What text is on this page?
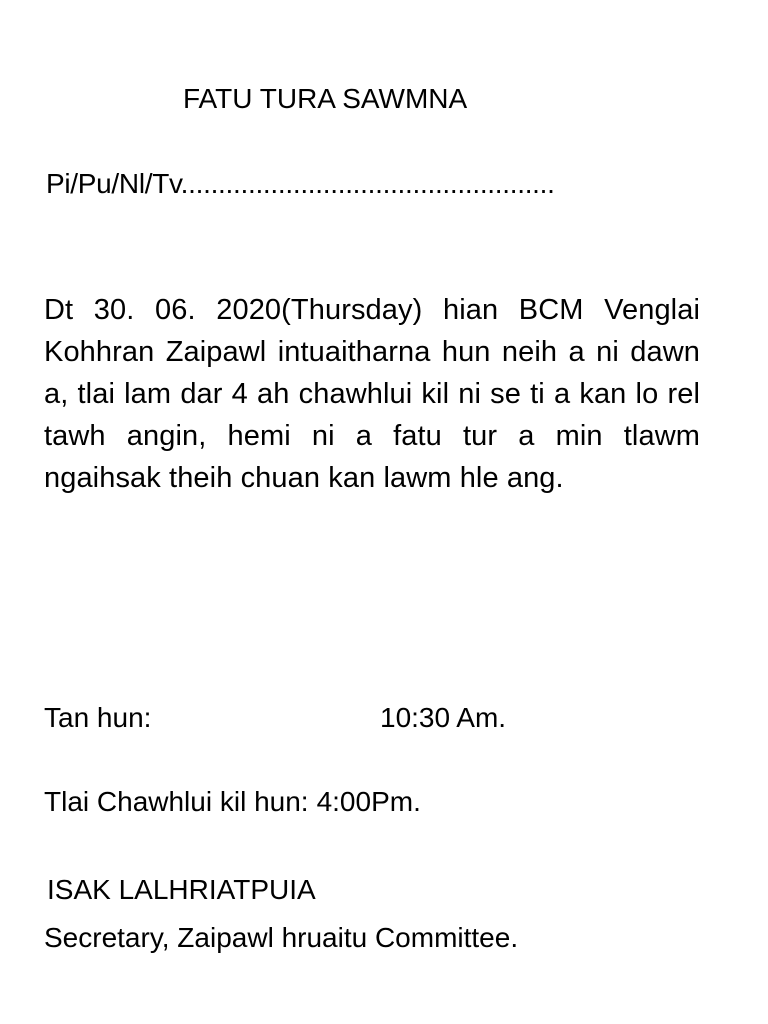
FATU TURA SAWMNA
Pi/Pu/Nl/Tv..................................................
Dt 30. 06. 2020(Thursday) hian BCM Venglai Kohhran Zaipawl intuaitharna hun neih a ni dawn a, tlai lam dar 4 ah chawhlui kil ni se ti a kan lo rel tawh angin, hemi ni a fatu tur a min tlawm ngaihsak theih chuan kan lawm hle ang.
Tan hun:	10:30 Am.
Tlai Chawhlui kil hun: 4:00Pm.
ISAK LALHRIATPUIA
Secretary, Zaipawl hruaitu Committee.
